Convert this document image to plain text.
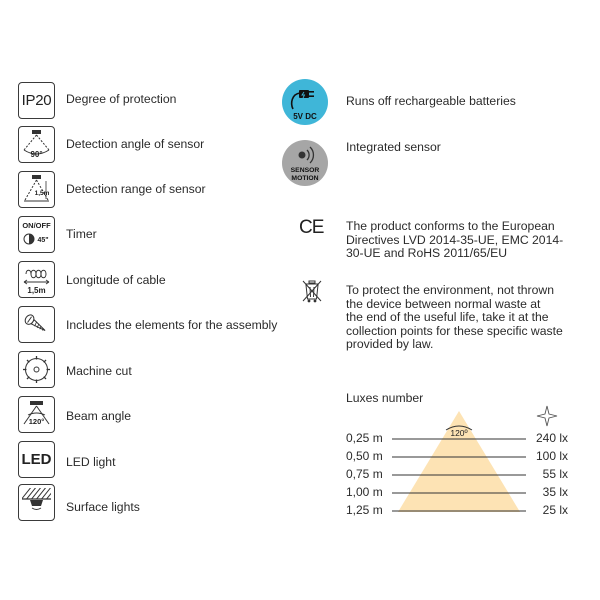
IP20 Degree of protection
90°
Detection angle of sensor
1,5m Detection range of sensor
ON/OFF
45" Timer
1,5m
Longitude of cable
Includes the elements for the assembly
Machine cut
120° Beam angle
LED LED light
Surface lights
5V DC
Runs off rechargeable batteries
SENSOR
MOTION
Integrated sensor
CE The product conforms to the European
Directives LVD 2014-35-UE, EMC 2014-
30-UE and RoHS 2011/65/EU
To protect the environment, not thrown
the device between normal waste at
the end of the useful life, take it at the
collection points for these specific waste
provided by law.
Luxes number
120º
0,25 m	240 lx
0,50 m	100 lx
0,75 m	55 lx
1,00 m	35 lx
1,25 m	25 lx
